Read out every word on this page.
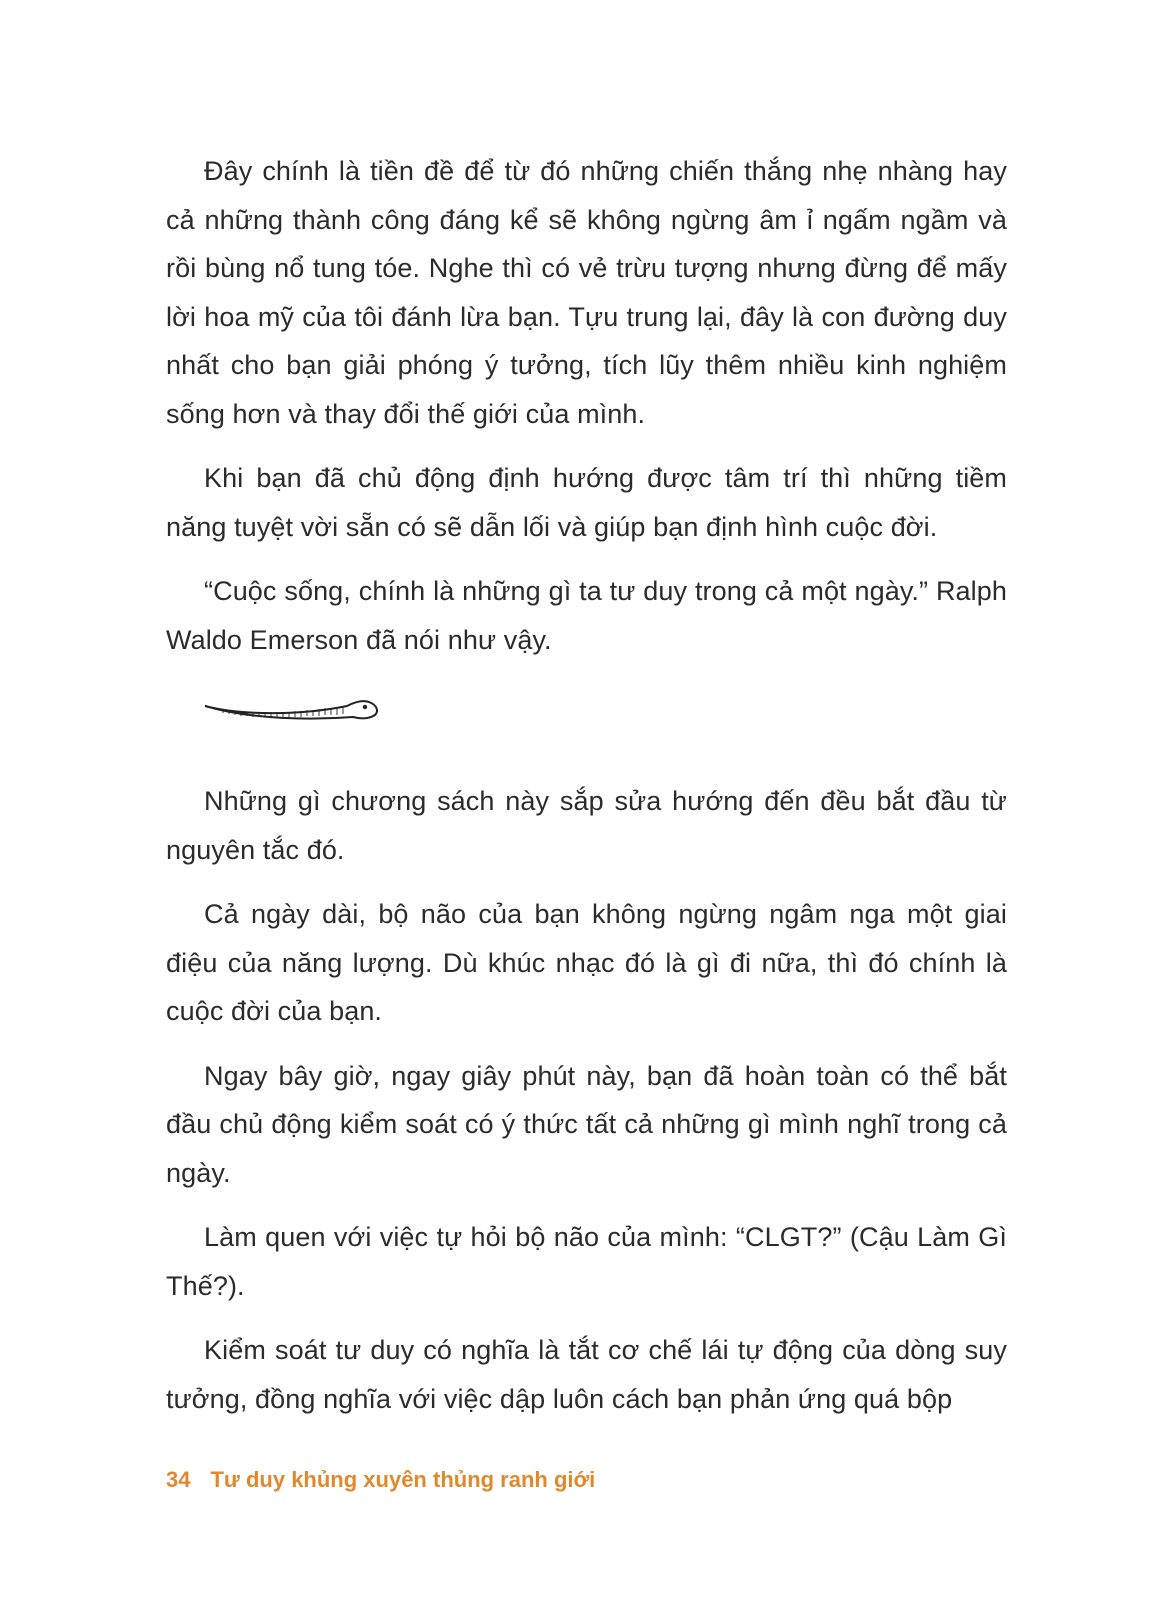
Đây chính là tiền đề để từ đó những chiến thắng nhẹ nhàng hay cả những thành công đáng kể sẽ không ngừng âm ỉ ngấm ngầm và rồi bùng nổ tung tóe. Nghe thì có vẻ trừu tượng nhưng đừng để mấy lời hoa mỹ của tôi đánh lừa bạn. Tựu trung lại, đây là con đường duy nhất cho bạn giải phóng ý tưởng, tích lũy thêm nhiều kinh nghiệm sống hơn và thay đổi thế giới của mình.

Khi bạn đã chủ động định hướng được tâm trí thì những tiềm năng tuyệt vời sẵn có sẽ dẫn lối và giúp bạn định hình cuộc đời.

“Cuộc sống, chính là những gì ta tư duy trong cả một ngày.” Ralph Waldo Emerson đã nói như vậy.

Những gì chương sách này sắp sửa hướng đến đều bắt đầu từ nguyên tắc đó.

Cả ngày dài, bộ não của bạn không ngừng ngâm nga một giai điệu của năng lượng. Dù khúc nhạc đó là gì đi nữa, thì đó chính là cuộc đời của bạn.

Ngay bây giờ, ngay giây phút này, bạn đã hoàn toàn có thể bắt đầu chủ động kiểm soát có ý thức tất cả những gì mình nghĩ trong cả ngày.

Làm quen với việc tự hỏi bộ não của mình: “CLGT?” (Cậu Làm Gì Thế?).

Kiểm soát tư duy có nghĩa là tắt cơ chế lái tự động của dòng suy tưởng, đồng nghĩa với việc dập luôn cách bạn phản ứng quá bộp

34 Tư duy khủng xuyên thủng ranh giới
